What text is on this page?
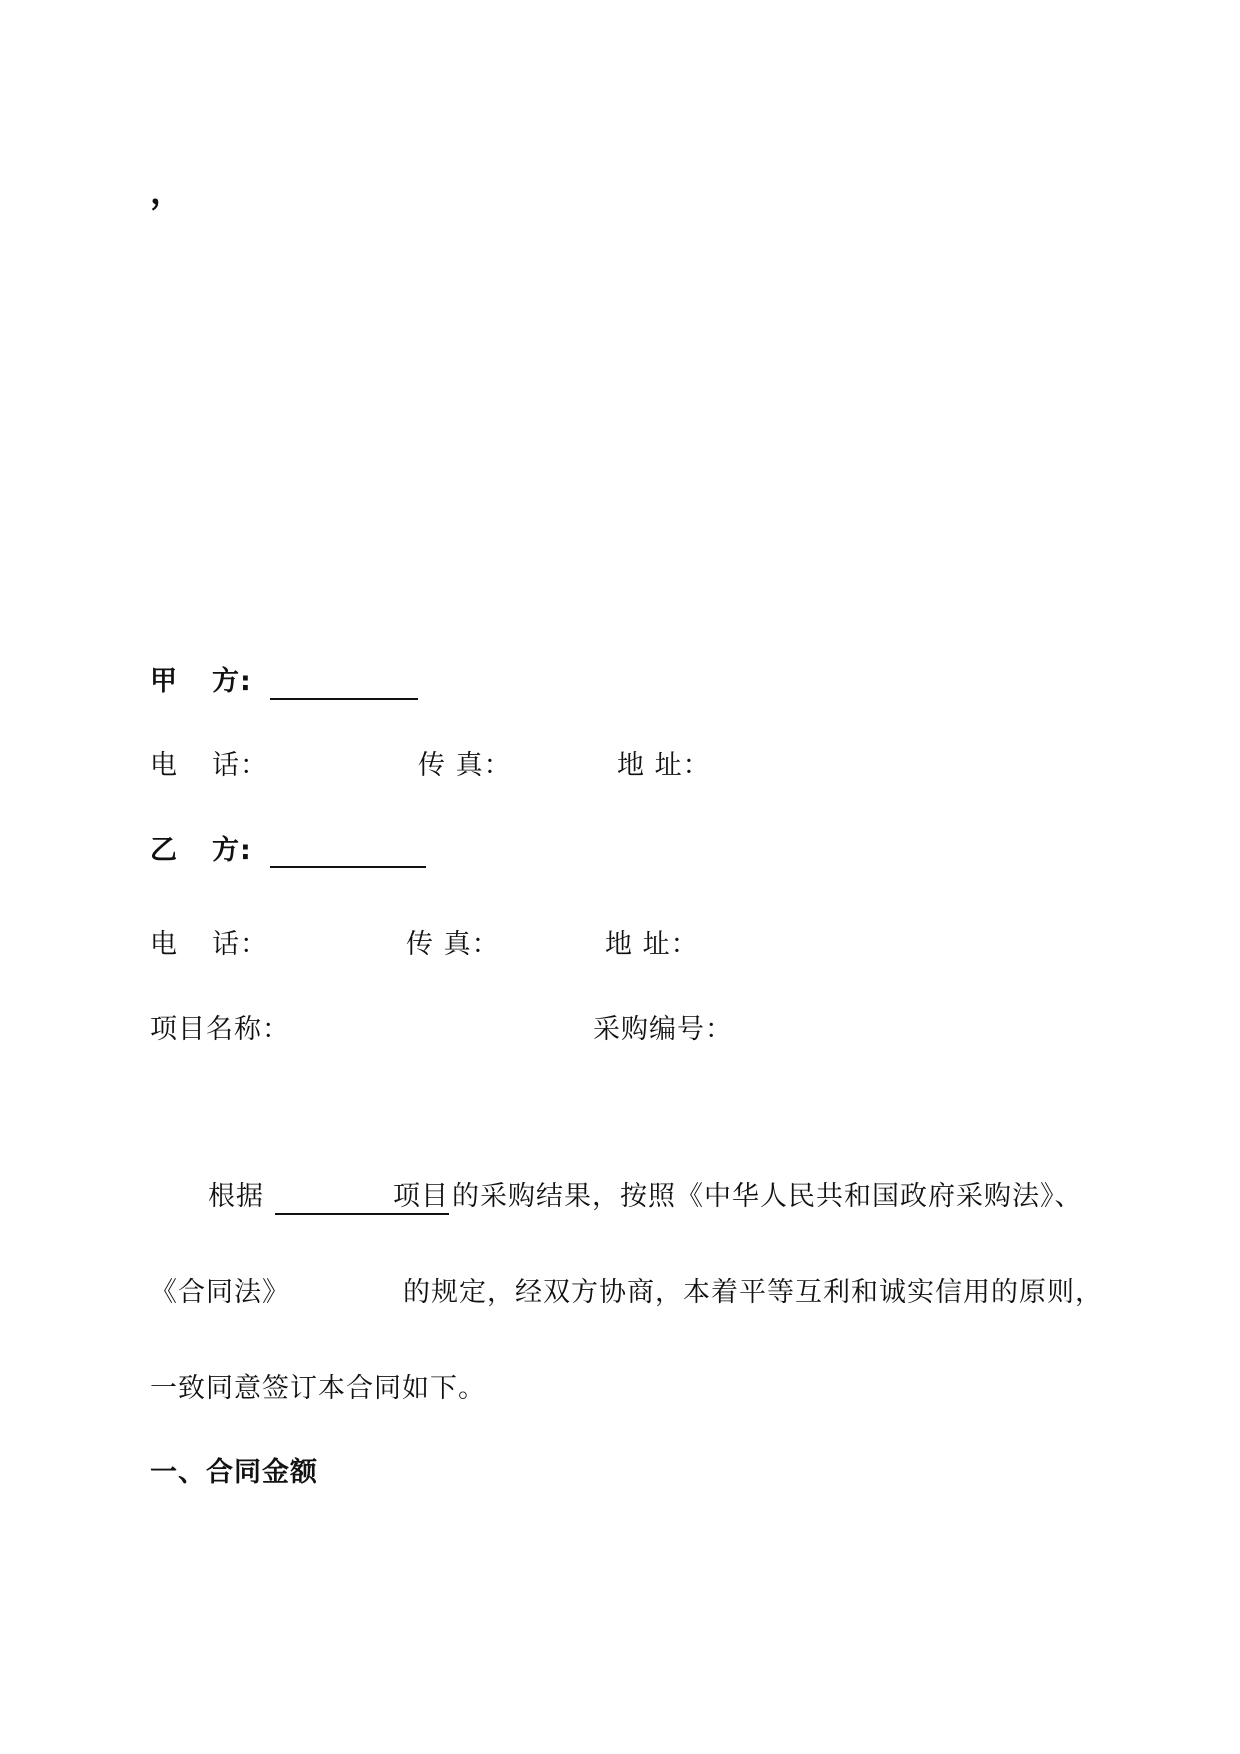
，
甲 方:
电 话：	传 真：	地 址：
乙 方:
电 话：	传 真：	地 址：
项目名称：	采购编号：
根据	项目 的采购结果，按照《中华人民共和国政府采购法》、
《合同法》	的规定，经双方协商，本着平等互利和诚实信用的原则，
一致同意签订本合同如下。
一、合同金额
